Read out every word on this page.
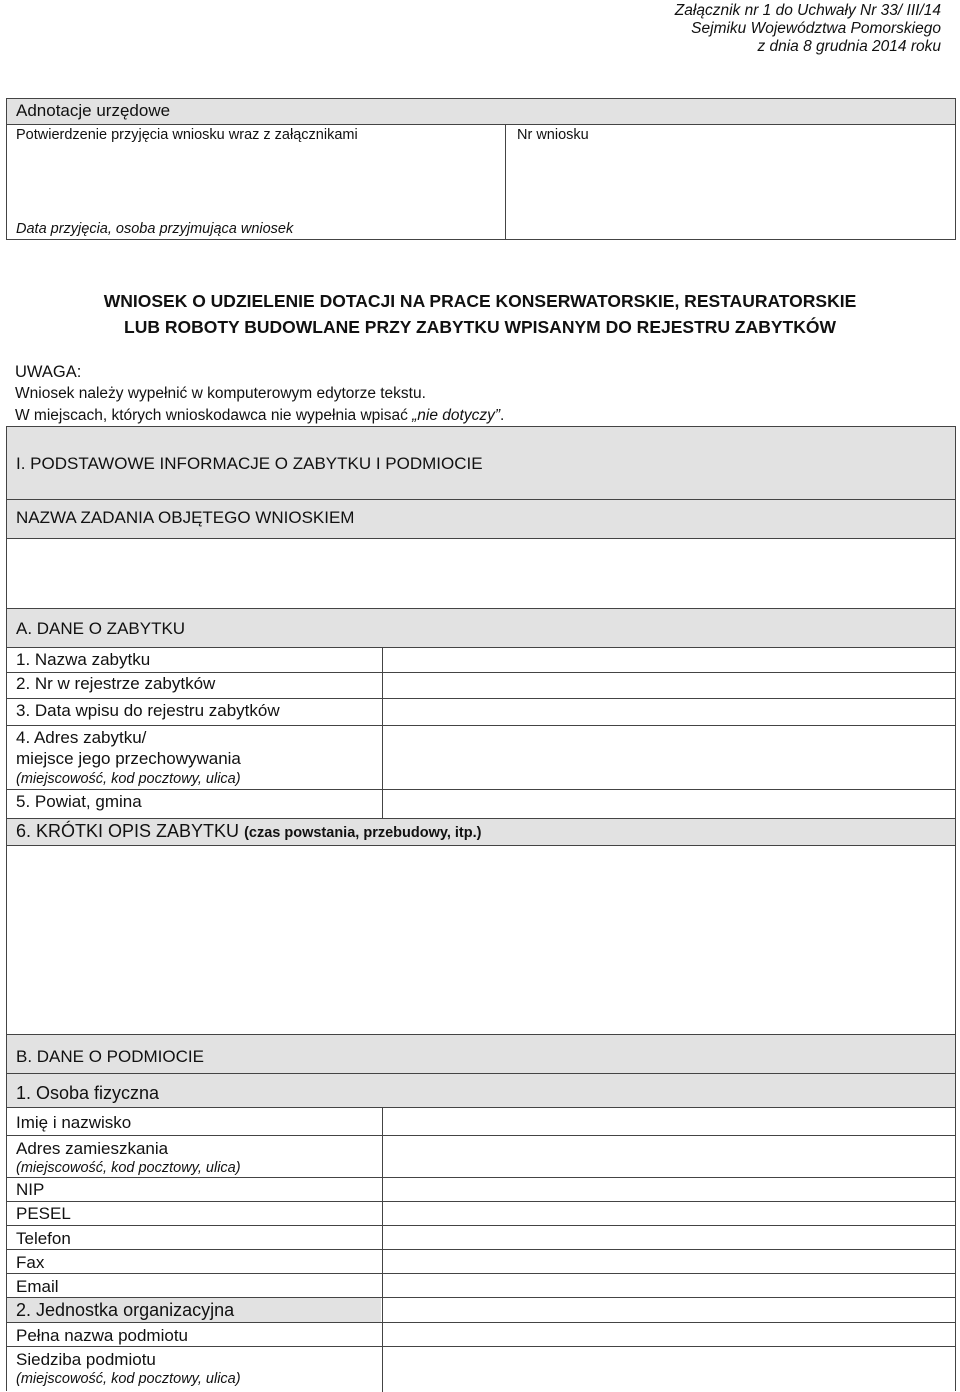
Załącznik nr 1 do Uchwały Nr 33/ III/14
Sejmiku Województwa Pomorskiego
z dnia 8 grudnia 2014 roku
Adnotacje urzędowe
Potwierdzenie przyjęcia wniosku wraz z załącznikami	Nr wniosku
Data przyjęcia, osoba przyjmująca wniosek
WNIOSEK O UDZIELENIE DOTACJI NA PRACE KONSERWATORSKIE, RESTAURATORSKIE
LUB ROBOTY BUDOWLANE PRZY ZABYTKU WPISANYM DO REJESTRU ZABYTKÓW
UWAGA:
Wniosek należy wypełnić w komputerowym edytorze tekstu.
W miejscach, których wnioskodawca nie wypełnia wpisać „nie dotyczy”.
I. PODSTAWOWE INFORMACJE O ZABYTKU I PODMIOCIE
NAZWA ZADANIA OBJĘTEGO WNIOSKIEM
A. DANE O ZABYTKU
1. Nazwa zabytku
2. Nr w rejestrze zabytków
3. Data wpisu do rejestru zabytków
4. Adres zabytku/
miejsce jego przechowywania
(miejscowość, kod pocztowy, ulica)
5. Powiat, gmina
6. KRÓTKI OPIS ZABYTKU (czas powstania, przebudowy, itp.)
B. DANE O PODMIOCIE
1. Osoba fizyczna
Imię i nazwisko
Adres zamieszkania
(miejscowość, kod pocztowy, ulica)
NIP
PESEL
Telefon
Fax
Email
2. Jednostka organizacyjna
Pełna nazwa podmiotu
Siedziba podmiotu
(miejscowość, kod pocztowy, ulica)
